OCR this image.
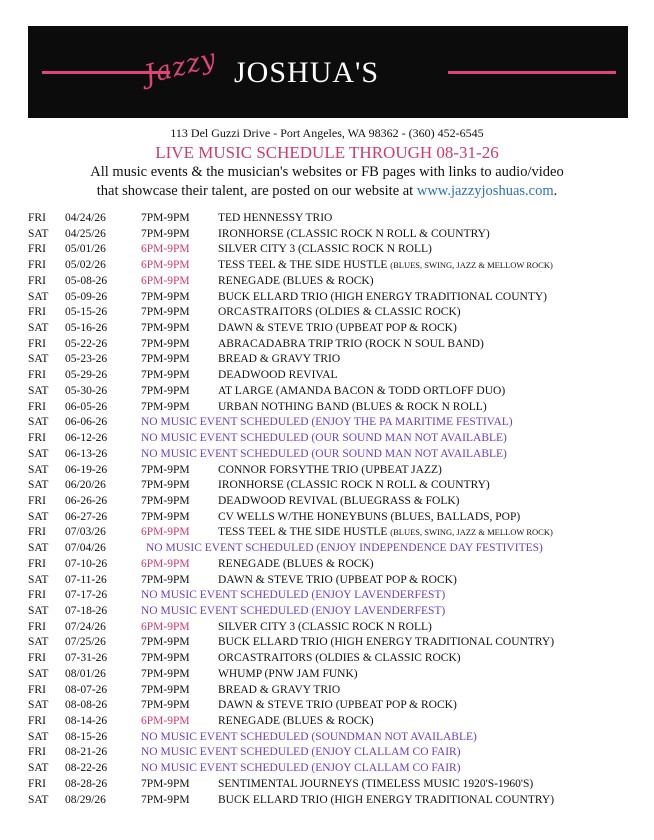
Jazzy JOSHUA'S
113 Del Guzzi Drive - Port Angeles, WA 98362 - (360) 452-6545
LIVE MUSIC SCHEDULE THROUGH 08-31-26
All music events & the musician's websites or FB pages with links to audio/video
that showcase their talent, are posted on our website at www.jazzyjoshuas.com.
FRI 04/24/26	7PM-9PM TED HENNESSY TRIO
SAT 04/25/26	7PM-9PM IRONHORSE (CLASSIC ROCK N ROLL & COUNTRY)
FRI 05/01/26	6PM-9PM SILVER CITY 3 (CLASSIC ROCK N ROLL)
FRI 05/02/26	6PM-9PM TESS TEEL & THE SIDE HUSTLE (BLUES, SWING, JAZZ & MELLOW ROCK)
FRI 05-08-26	6PM-9PM RENEGADE (BLUES & ROCK)
SAT 05-09-26	7PM-9PM BUCK ELLARD TRIO (HIGH ENERGY TRADITIONAL COUNTY)
FRI 05-15-26	7PM-9PM ORCASTRAITORS (OLDIES & CLASSIC ROCK)
SAT 05-16-26	7PM-9PM DAWN & STEVE TRIO (UPBEAT POP & ROCK)
FRI 05-22-26	7PM-9PM ABRACADABRA TRIP TRIO (ROCK N SOUL BAND)
SAT 05-23-26	7PM-9PM BREAD & GRAVY TRIO
FRI 05-29-26	7PM-9PM DEADWOOD REVIVAL
SAT 05-30-26	7PM-9PM AT LARGE (AMANDA BACON & TODD ORTLOFF DUO)
FRI 06-05-26	7PM-9PM URBAN NOTHING BAND (BLUES & ROCK N ROLL)
SAT 06-06-26	NO MUSIC EVENT SCHEDULED (ENJOY THE PA MARITIME FESTIVAL)
FRI 06-12-26	NO MUSIC EVENT SCHEDULED (OUR SOUND MAN NOT AVAILABLE)
SAT 06-13-26	NO MUSIC EVENT SCHEDULED (OUR SOUND MAN NOT AVAILABLE)
SAT 06-19-26	7PM-9PM CONNOR FORSYTHE TRIO (UPBEAT JAZZ)
SAT 06/20/26	7PM-9PM IRONHORSE (CLASSIC ROCK N ROLL & COUNTRY)
FRI 06-26-26	7PM-9PM DEADWOOD REVIVAL (BLUEGRASS & FOLK)
SAT 06-27-26	7PM-9PM CV WELLS W/THE HONEYBUNS (BLUES, BALLADS, POP)
FRI 07/03/26	6PM-9PM TESS TEEL & THE SIDE HUSTLE (BLUES, SWING, JAZZ & MELLOW ROCK)
SAT 07/04/26	NO MUSIC EVENT SCHEDULED (ENJOY INDEPENDENCE DAY FESTIVITES)
FRI 07-10-26	6PM-9PM RENEGADE (BLUES & ROCK)
SAT 07-11-26	7PM-9PM DAWN & STEVE TRIO (UPBEAT POP & ROCK)
FRI 07-17-26	NO MUSIC EVENT SCHEDULED (ENJOY LAVENDERFEST)
SAT 07-18-26	NO MUSIC EVENT SCHEDULED (ENJOY LAVENDERFEST)
FRI 07/24/26	6PM-9PM SILVER CITY 3 (CLASSIC ROCK N ROLL)
SAT 07/25/26	7PM-9PM BUCK ELLARD TRIO (HIGH ENERGY TRADITIONAL COUNTRY)
FRI 07-31-26	7PM-9PM ORCASTRAITORS (OLDIES & CLASSIC ROCK)
SAT 08/01/26	7PM-9PM WHUMP (PNW JAM FUNK)
FRI 08-07-26	7PM-9PM BREAD & GRAVY TRIO
SAT 08-08-26	7PM-9PM DAWN & STEVE TRIO (UPBEAT POP & ROCK)
FRI 08-14-26	6PM-9PM RENEGADE (BLUES & ROCK)
SAT 08-15-26	NO MUSIC EVENT SCHEDULED (SOUNDMAN NOT AVAILABLE)
FRI 08-21-26	NO MUSIC EVENT SCHEDULED (ENJOY CLALLAM CO FAIR)
SAT 08-22-26	NO MUSIC EVENT SCHEDULED (ENJOY CLALLAM CO FAIR)
FRI 08-28-26	7PM-9PM SENTIMENTAL JOURNEYS (TIMELESS MUSIC 1920'S-1960'S)
SAT 08/29/26	7PM-9PM BUCK ELLARD TRIO (HIGH ENERGY TRADITIONAL COUNTRY)
